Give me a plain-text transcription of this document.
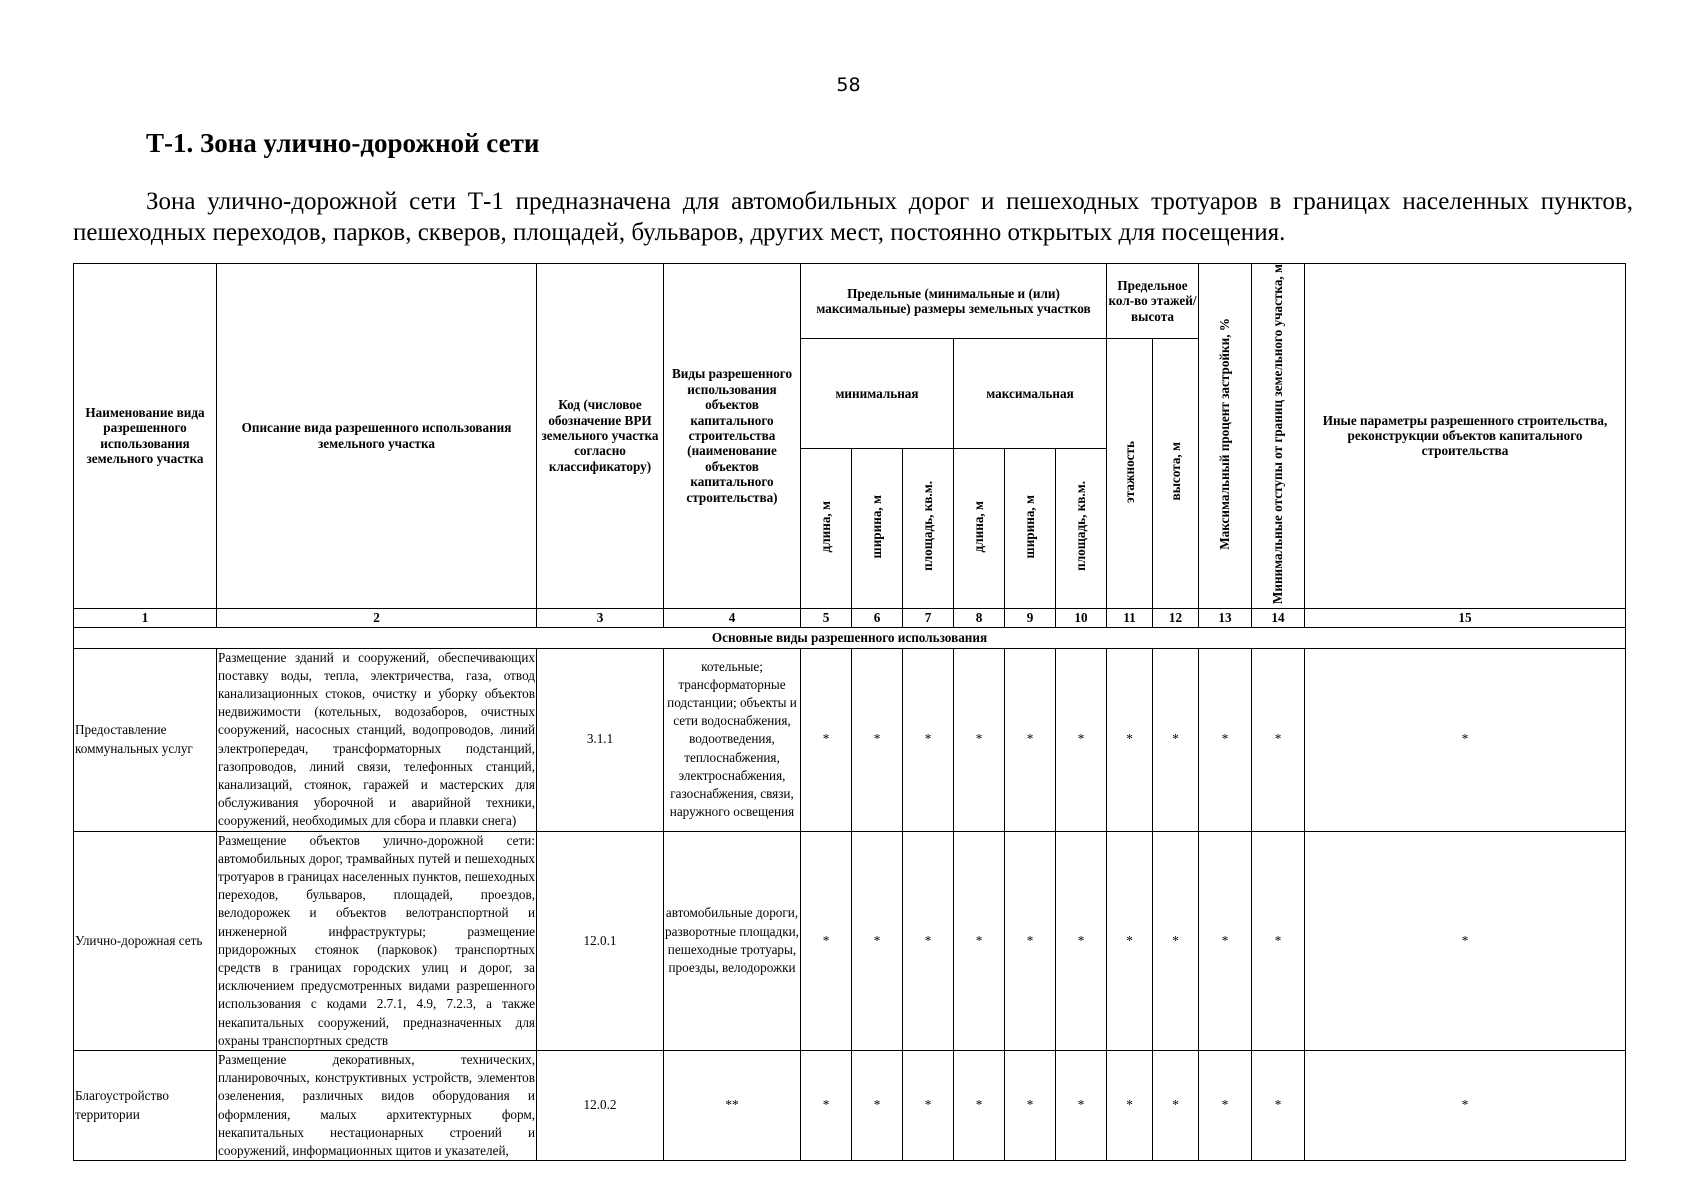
58
Т-1. Зона улично-дорожной сети
Зона улично-дорожной сети Т-1 предназначена для автомобильных дорог и пешеходных тротуаров в границах населенных пунктов, пешеходных переходов, парков, скверов, площадей, бульваров, других мест, постоянно открытых для посещения.
Наименование вида разрешенного использования земельного участка	Описание вида разрешенного использования земельного участка	Код (числовое обозначение ВРИ земельного участка согласно классификатору)	Виды разрешенного использования объектов капитального строительства (наименование объектов капитального строительства)	Предельные (минимальные и (или) максимальные) размеры земельных участков						Предельное кол-во этажей/ высота		Максимальный процент застройки, %	Минимальные отступы от границ земельного участка, м	Иные параметры разрешенного строительства, реконструкции объектов капитального строительства
				минимальная			максимальная			этажность	высота, м			
				длина, м	ширина, м	площадь, кв.м.	длина, м	ширина, м	площадь, кв.м.					
1	2	3	4	5	6	7	8	9	10	11	12	13	14	15
Основные виды разрешенного использования														
Предоставление коммунальных услуг	Размещение зданий и сооружений, обеспечивающих поставку воды, тепла, электричества, газа, отвод канализационных стоков, очистку и уборку объектов недвижимости (котельных, водозаборов, очистных сооружений, насосных станций, водопроводов, линий электропередач, трансформаторных подстанций, газопроводов, линий связи, телефонных станций, канализаций, стоянок, гаражей и мастерских для обслуживания уборочной и аварийной техники, сооружений, необходимых для сбора и плавки снега)	3.1.1	котельные; трансформаторные подстанции; объекты и сети водоснабжения, водоотведения, теплоснабжения, электроснабжения, газоснабжения, связи, наружного освещения	*	*	*	*	*	*	*	*	*	*	*
Улично-дорожная сеть	Размещение объектов улично-дорожной сети: автомобильных дорог, трамвайных путей и пешеходных тротуаров в границах населенных пунктов, пешеходных переходов, бульваров, площадей, проездов, велодорожек и объектов велотранспортной и инженерной инфраструктуры; размещение придорожных стоянок (парковок) транспортных средств в границах городских улиц и дорог, за исключением предусмотренных видами разрешенного использования с кодами 2.7.1, 4.9, 7.2.3, а также некапитальных сооружений, предназначенных для охраны транспортных средств	12.0.1	автомобильные дороги, разворотные площадки, пешеходные тротуары, проезды, велодорожки	*	*	*	*	*	*	*	*	*	*	*
Благоустройство территории	Размещение декоративных, технических, планировочных, конструктивных устройств, элементов озеленения, различных видов оборудования и оформления, малых архитектурных форм, некапитальных нестационарных строений и сооружений, информационных щитов и указателей,	12.0.2	**	*	*	*	*	*	*	*	*	*	*	*
